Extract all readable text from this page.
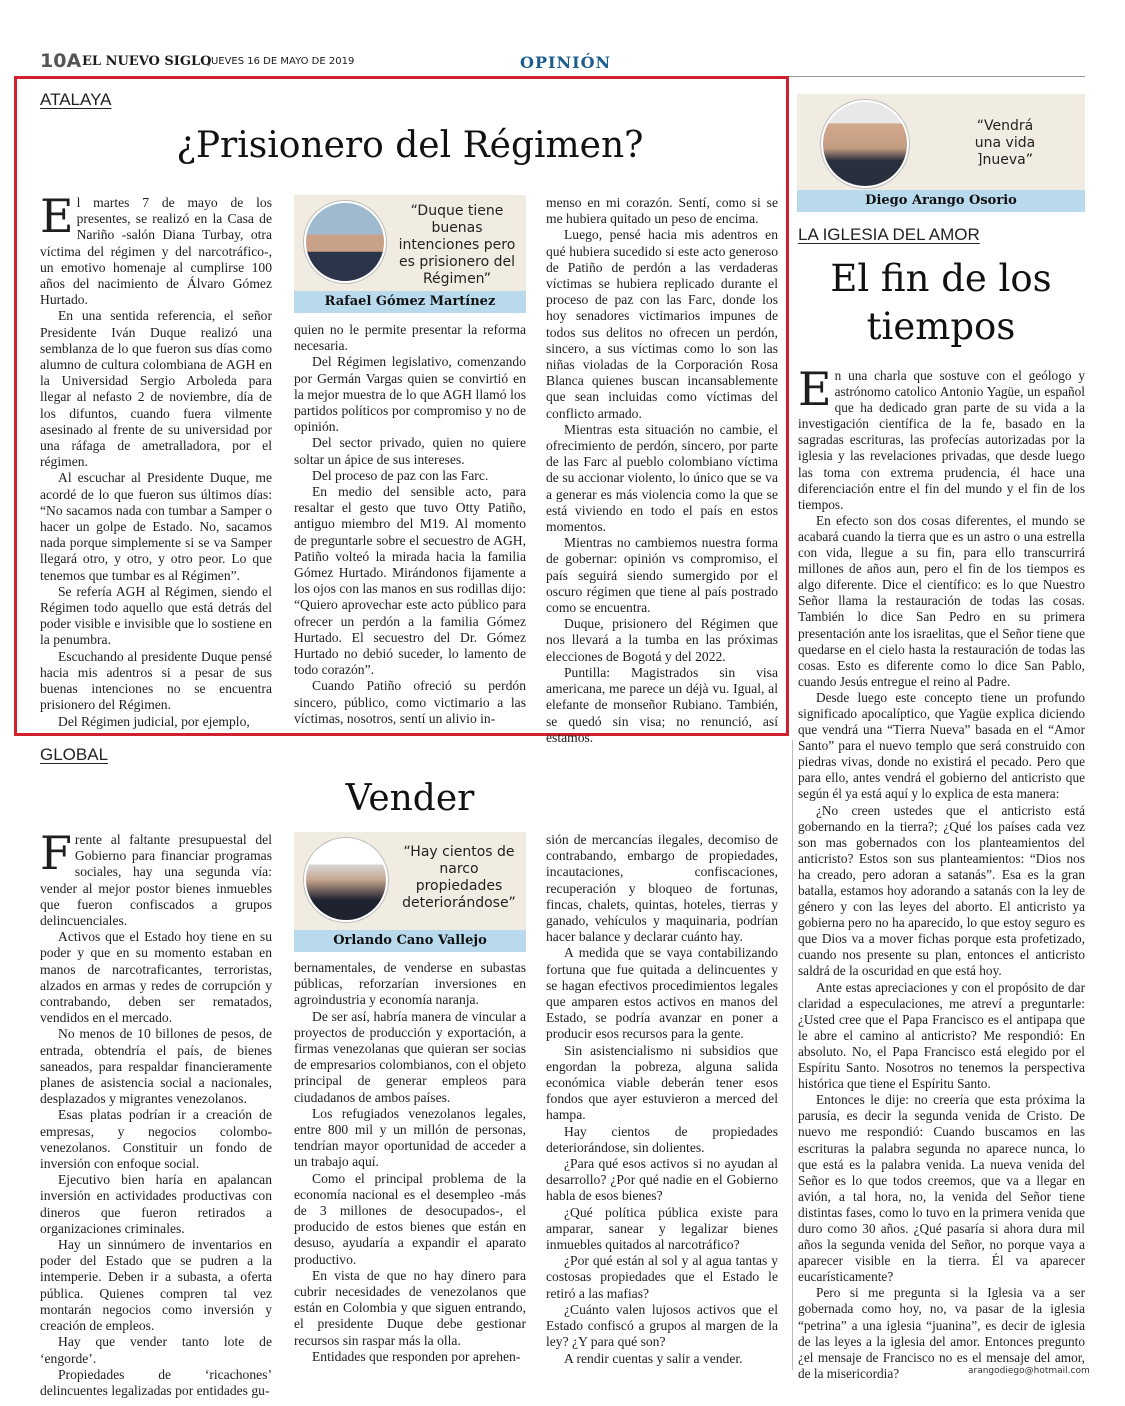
10A EL NUEVO SIGLO
JUEVES 16 DE MAYO DE 2019	OPINIÓN
ATALAYA
¿Prisionero del Régimen?

El martes 7 de mayo de los presentes, se realizó en la Casa de Nariño -salón Diana Turbay, otra víctima del régimen y del narcotráfico-, un emotivo homenaje al cumplirse 100 años del nacimiento de Álvaro Gómez Hurtado.

En una sentida referencia, el señor Presidente Iván Duque realizó una semblanza de lo que fueron sus días como alumno de cultura colombiana de AGH en la Universidad Sergio Arboleda para llegar al nefasto 2 de noviembre, día de los difuntos, cuando fuera vilmente asesinado al frente de su universidad por una ráfaga de ametralladora, por el régimen.

Al escuchar al Presidente Duque, me acordé de lo que fueron sus últimos días: “No sacamos nada con tumbar a Samper o hacer un golpe de Estado. No, sacamos nada porque simplemente si se va Samper llegará otro, y otro, y otro peor. Lo que tenemos que tumbar es al Régimen”.

Se refería AGH al Régimen, siendo el Régimen todo aquello que está detrás del poder visible e invisible que lo sostiene en la penumbra.

Escuchando al presidente Duque pensé hacia mis adentros si a pesar de sus buenas intenciones no se encuentra prisionero del Régimen.

Del Régimen judicial, por ejemplo,

“Duque tiene buenas intenciones pero es prisionero del Régimen”
Rafael Gómez Martínez

quien no le permite presentar la reforma necesaria.

Del Régimen legislativo, comenzando por Germán Vargas quien se convirtió en la mejor muestra de lo que AGH llamó los partidos políticos por compromiso y no de opinión.

Del sector privado, quien no quiere soltar un ápice de sus intereses.

Del proceso de paz con las Farc.

En medio del sensible acto, para resaltar el gesto que tuvo Otty Patiño, antiguo miembro del M19. Al momento de preguntarle sobre el secuestro de AGH, Patiño volteó la mirada hacia la familia Gómez Hurtado. Mirándonos fijamente a los ojos con las manos en sus rodillas dijo: “Quiero aprovechar este acto público para ofrecer un perdón a la familia Gómez Hurtado. El secuestro del Dr. Gómez Hurtado no debió suceder, lo lamento de todo corazón”.

Cuando Patiño ofreció su perdón sincero, público, como victimario a las víctimas, nosotros, sentí un alivio in-

menso en mi corazón. Sentí, como si se me hubiera quitado un peso de encima.

Luego, pensé hacia mis adentros en qué hubiera sucedido si este acto generoso de Patiño de perdón a las verdaderas víctimas se hubiera replicado durante el proceso de paz con las Farc, donde los hoy senadores victimarios impunes de todos sus delitos no ofrecen un perdón, sincero, a sus víctimas como lo son las niñas violadas de la Corporación Rosa Blanca quienes buscan incansablemente que sean incluidas como víctimas del conflicto armado.

Mientras esta situación no cambie, el ofrecimiento de perdón, sincero, por parte de las Farc al pueblo colombiano víctima de su accionar violento, lo único que se va a generar es más violencia como la que se está viviendo en todo el país en estos momentos.

Mientras no cambiemos nuestra forma de gobernar: opinión vs compromiso, el país seguirá siendo sumergido por el oscuro régimen que tiene al país postrado como se encuentra.

Duque, prisionero del Régimen que nos llevará a la tumba en las próximas elecciones de Bogotá y del 2022.

Puntilla: Magistrados sin visa americana, me parece un déjà vu. Igual, al elefante de monseñor Rubiano. También, se quedó sin visa; no renunció, así estamos.

GLOBAL
Vender

Frente al faltante presupuestal del Gobierno para financiar programas sociales, hay una segunda vía: vender al mejor postor bienes inmuebles que fueron confiscados a grupos delincuenciales.

Activos que el Estado hoy tiene en su poder y que en su momento estaban en manos de narcotraficantes, terroristas, alzados en armas y redes de corrupción y contrabando, deben ser rematados, vendidos en el mercado.

No menos de 10 billones de pesos, de entrada, obtendría el país, de bienes saneados, para respaldar financieramente planes de asistencia social a nacionales, desplazados y migrantes venezolanos.

Esas platas podrían ir a creación de empresas, y negocios colombo-venezolanos. Constituir un fondo de inversión con enfoque social.

Ejecutivo bien haría en apalancan inversión en actividades productivas con dineros que fueron retirados a organizaciones criminales.

Hay un sinnúmero de inventarios en poder del Estado que se pudren a la intemperie. Deben ir a subasta, a oferta pública. Quienes compren tal vez montarán negocios como inversión y creación de empleos.

Hay que vender tanto lote de ‘engorde’.

Propiedades de ‘ricachones’ delincuentes legalizadas por entidades gu-

“Hay cientos de narco propiedades deteriorándose”
Orlando Cano Vallejo

bernamentales, de venderse en subastas públicas, reforzarían inversiones en agroindustria y economía naranja.

De ser así, habría manera de vincular a proyectos de producción y exportación, a firmas venezolanas que quieran ser socias de empresarios colombianos, con el objeto principal de generar empleos para ciudadanos de ambos países.

Los refugiados venezolanos legales, entre 800 mil y un millón de personas, tendrían mayor oportunidad de acceder a un trabajo aquí.

Como el principal problema de la economía nacional es el desempleo -más de 3 millones de desocupados-, el producido de estos bienes que están en desuso, ayudaría a expandir el aparato productivo.

En vista de que no hay dinero para cubrir necesidades de venezolanos que están en Colombia y que siguen entrando, el presidente Duque debe gestionar recursos sin raspar más la olla.

Entidades que responden por aprehen-

sión de mercancías ilegales, decomiso de contrabando, embargo de propiedades, incautaciones, confiscaciones, recuperación y bloqueo de fortunas, fincas, chalets, quintas, hoteles, tierras y ganado, vehículos y maquinaria, podrían hacer balance y declarar cuánto hay.

A medida que se vaya contabilizando fortuna que fue quitada a delincuentes y se hagan efectivos procedimientos legales que amparen estos activos en manos del Estado, se podría avanzar en poner a producir esos recursos para la gente.

Sin asistencialismo ni subsidios que engordan la pobreza, alguna salida económica viable deberán tener esos fondos que ayer estuvieron a merced del hampa.

Hay cientos de propiedades deteriorándose, sin dolientes.

¿Para qué esos activos si no ayudan al desarrollo? ¿Por qué nadie en el Gobierno habla de esos bienes?

¿Qué política pública existe para amparar, sanear y legalizar bienes inmuebles quitados al narcotráfico?

¿Por qué están al sol y al agua tantas y costosas propiedades que el Estado le retiró a las mafias?

¿Cuánto valen lujosos activos que el Estado confiscó a grupos al margen de la ley? ¿Y para qué son?

A rendir cuentas y salir a vender.

“Vendrá una vida ]nueva”
Diego Arango Osorio
LA IGLESIA DEL AMOR
El fin de los
tiempos

En una charla que sostuve con el geólogo y astrónomo catolico Antonio Yagüe, un español que ha dedicado gran parte de su vida a la investigación científica de la fe, basado en la sagradas escrituras, las profecías autorizadas por la iglesia y las revelaciones privadas, que desde luego las toma con extrema prudencia, él hace una diferenciación entre el fin del mundo y el fin de los tiempos.

En efecto son dos cosas diferentes, el mundo se acabará cuando la tierra que es un astro o una estrella con vida, llegue a su fin, para ello transcurrirá millones de años aun, pero el fin de los tiempos es algo diferente. Dice el científico: es lo que Nuestro Señor llama la restauración de todas las cosas. También lo dice San Pedro en su primera presentación ante los israelitas, que el Señor tiene que quedarse en el cielo hasta la restauración de todas las cosas. Esto es diferente como lo dice San Pablo, cuando Jesús entregue el reino al Padre.

Desde luego este concepto tiene un profundo significado apocalíptico, que Yagüe explica diciendo que vendrá una “Tierra Nueva” basada en el “Amor Santo” para el nuevo templo que será construido con piedras vivas, donde no existirá el pecado. Pero que para ello, antes vendrá el gobierno del anticristo que según él ya está aquí y lo explica de esta manera:

¿No creen ustedes que el anticristo está gobernando en la tierra?; ¿Qué los países cada vez son mas gobernados con los planteamientos del anticristo? Estos son sus planteamientos: “Dios nos ha creado, pero adoran a satanás”. Esa es la gran batalla, estamos hoy adorando a satanás con la ley de género y con las leyes del aborto. El anticristo ya gobierna pero no ha aparecido, lo que estoy seguro es que Dios va a mover fichas porque esta profetizado, cuando nos presente su plan, entonces el anticristo saldrá de la oscuridad en que está hoy.

Ante estas apreciaciones y con el propósito de dar claridad a especulaciones, me atreví a preguntarle: ¿Usted cree que el Papa Francisco es el antipapa que le abre el camino al anticristo? Me respondió: En absoluto. No, el Papa Francisco está elegido por el Espíritu Santo. Nosotros no tenemos la perspectiva histórica que tiene el Espíritu Santo.

Entonces le dije: no creería que esta próxima la parusía, es decir la segunda venida de Cristo. De nuevo me respondió: Cuando buscamos en las escrituras la palabra segunda no aparece nunca, lo que está es la palabra venida. La nueva venida del Señor es lo que todos creemos, que va a llegar en avión, a tal hora, no, la venida del Señor tiene distintas fases, como lo tuvo en la primera venida que duro como 30 años. ¿Qué pasaría si ahora dura mil años la segunda venida del Señor, no porque vaya a aparecer visible en la tierra. Él va aparecer eucarísticamente?

Pero si me pregunta si la Iglesia va a ser gobernada como hoy, no, va pasar de la iglesia “petrina” a una iglesia “juanina”, es decir de iglesia de las leyes a la iglesia del amor. Entonces pregunto ¿el mensaje de Francisco no es el mensaje del amor, de la misericordia?	arangodiego@hotmail.com
